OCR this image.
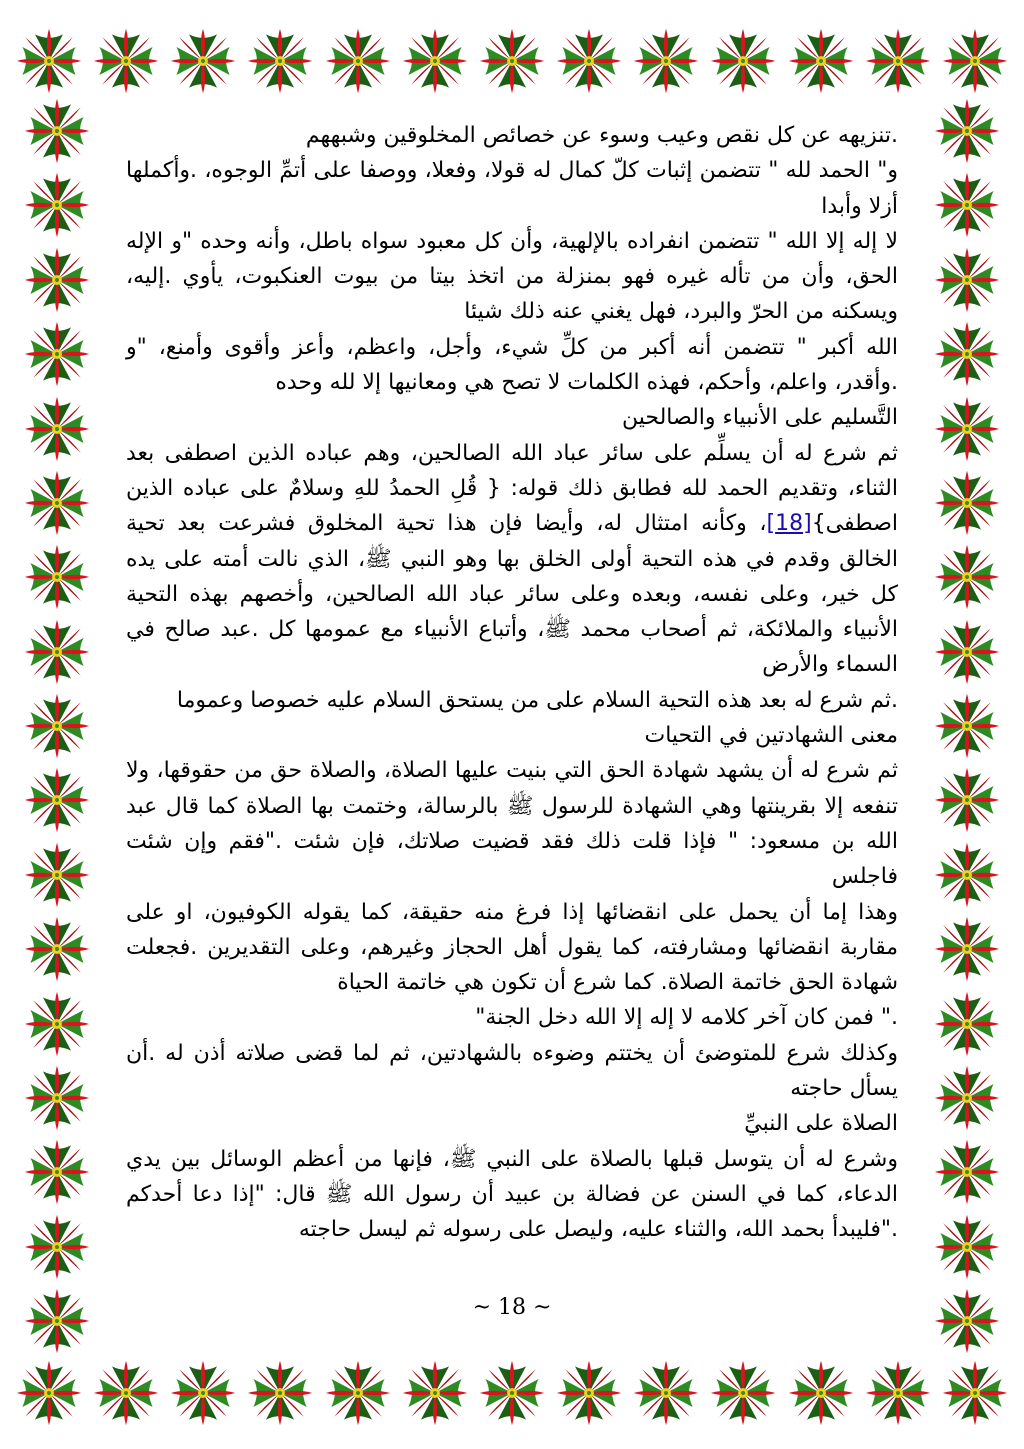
.تنزيهه عن كل نقص وعيب وسوء عن خصائص المخلوقين وشبههم

و" الحمد لله " تتضمن إثبات كلّ كمال له قولا، وفعلا، ووصفا على أتمِّ الوجوه، .وأكملها أزلا وأبدا

لا إله إلا الله " تتضمن انفراده بالإلهية، وأن كل معبود سواه باطل، وأنه وحده "و الإله الحق، وأن من تأله غيره فهو بمنزلة من اتخذ بيتا من بيوت العنكبوت، يأوي .إليه، ويسكنه من الحرّ والبرد، فهل يغني عنه ذلك شيئا

الله أكبر " تتضمن أنه أكبر من كلِّ شيء، وأجل، واعظم، وأعز وأقوى وأمنع، "و .وأقدر، واعلم، وأحكم، فهذه الكلمات لا تصح هي ومعانيها إلا لله وحده

التَّسليم على الأنبياء والصالحين

ثم شرع له أن يسلِّم على سائر عباد الله الصالحين، وهم عباده الذين اصطفى بعد الثناء، وتقديم الحمد لله فطابق ذلك قوله: { قُلِ الحمدُ للهِ وسلامٌ على عباده الذين اصطفى}[18]، وكأنه امتثال له، وأيضا فإن هذا تحية المخلوق فشرعت بعد تحية الخالق وقدم في هذه التحية أولى الخلق بها وهو النبي ﷺ، الذي نالت أمته على يده كل خير، وعلى نفسه، وبعده وعلى سائر عباد الله الصالحين، وأخصهم بهذه التحية الأنبياء والملائكة، ثم أصحاب محمد ﷺ، وأتباع الأنبياء مع عمومها كل .عبد صالح في السماء والأرض

.ثم شرع له بعد هذه التحية السلام على من يستحق السلام عليه خصوصا وعموما

معنى الشهادتين في التحيات

ثم شرع له أن يشهد شهادة الحق التي بنيت عليها الصلاة، والصلاة حق من حقوقها، ولا تنفعه إلا بقرينتها وهي الشهادة للرسول ﷺ بالرسالة، وختمت بها الصلاة كما قال عبد الله بن مسعود: " فإذا قلت ذلك فقد قضيت صلاتك، فإن شئت ."فقم وإن شئت فاجلس

وهذا إما أن يحمل على انقضائها إذا فرغ منه حقيقة، كما يقوله الكوفيون، او على مقاربة انقضائها ومشارفته، كما يقول أهل الحجاز وغيرهم، وعلى التقديرين .فجعلت شهادة الحق خاتمة الصلاة. كما شرع أن تكون هي خاتمة الحياة

." فمن كان آخر كلامه لا إله إلا الله دخل الجنة"

وكذلك شرع للمتوضئ أن يختتم وضوءه بالشهادتين، ثم لما قضى صلاته أذن له .أن يسأل حاجته

الصلاة على النبيِّ

وشرع له أن يتوسل قبلها بالصلاة على النبي ﷺ، فإنها من أعظم الوسائل بين يدي الدعاء، كما في السنن عن فضالة بن عبيد أن رسول الله ﷺ قال: "إذا دعا أحدكم ."فليبدأ بحمد الله، والثناء عليه، وليصل على رسوله ثم ليسل حاجته

~ 18 ~
